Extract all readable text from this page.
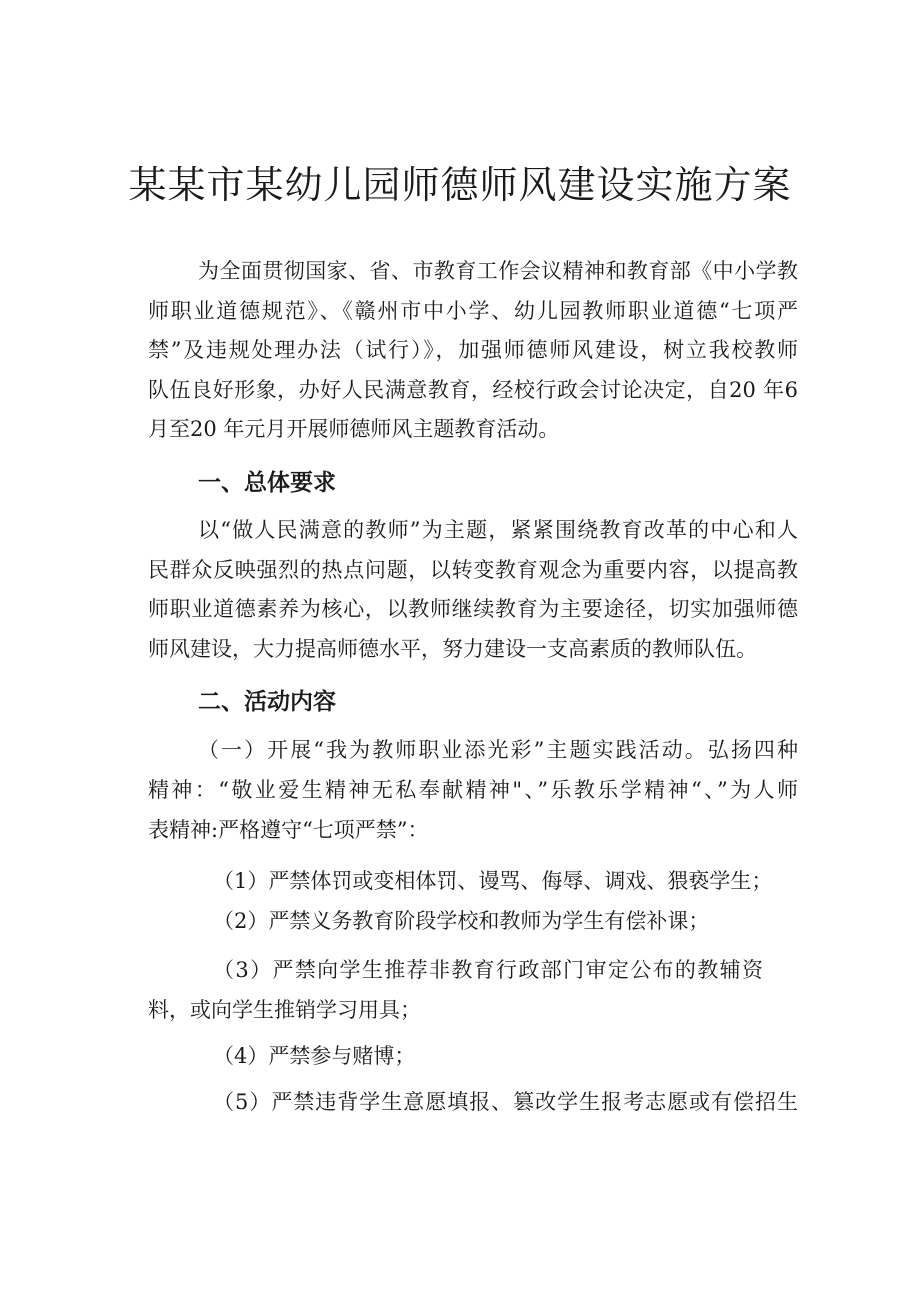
某某市某幼儿园师德师风建设实施方案
为全面贯彻国家、省、市教育工作会议精神和教育部《中小学教
师职业道德规范》、《赣州市中小学、幼儿园教师职业道德“七项严
禁”及违规处理办法（试行）》，加强师德师风建设，树立我校教师
队伍良好形象，办好人民满意教育，经校行政会讨论决定，自20 年6
月至20 年元月开展师德师风主题教育活动。
一、总体要求
以“做人民满意的教师”为主题，紧紧围绕教育改革的中心和人
民群众反映强烈的热点问题，以转变教育观念为重要内容，以提高教
师职业道德素养为核心，以教师继续教育为主要途径，切实加强师德
师风建设，大力提高师德水平，努力建设一支高素质的教师队伍。
二、活动内容
（一）开展“我为教师职业添光彩”主题实践活动。弘扬四种
精神：“敬业爱生精神无私奉献精神"、”乐教乐学精神“、”为人师
表精神:严格遵守“七项严禁”：
（1）严禁体罚或变相体罚、谩骂、侮辱、调戏、猥亵学生；
（2）严禁义务教育阶段学校和教师为学生有偿补课；
（3）严禁向学生推荐非教育行政部门审定公布的教辅资
料，或向学生推销学习用具；
（4）严禁参与赌博；
（5）严禁违背学生意愿填报、篡改学生报考志愿或有偿招生
